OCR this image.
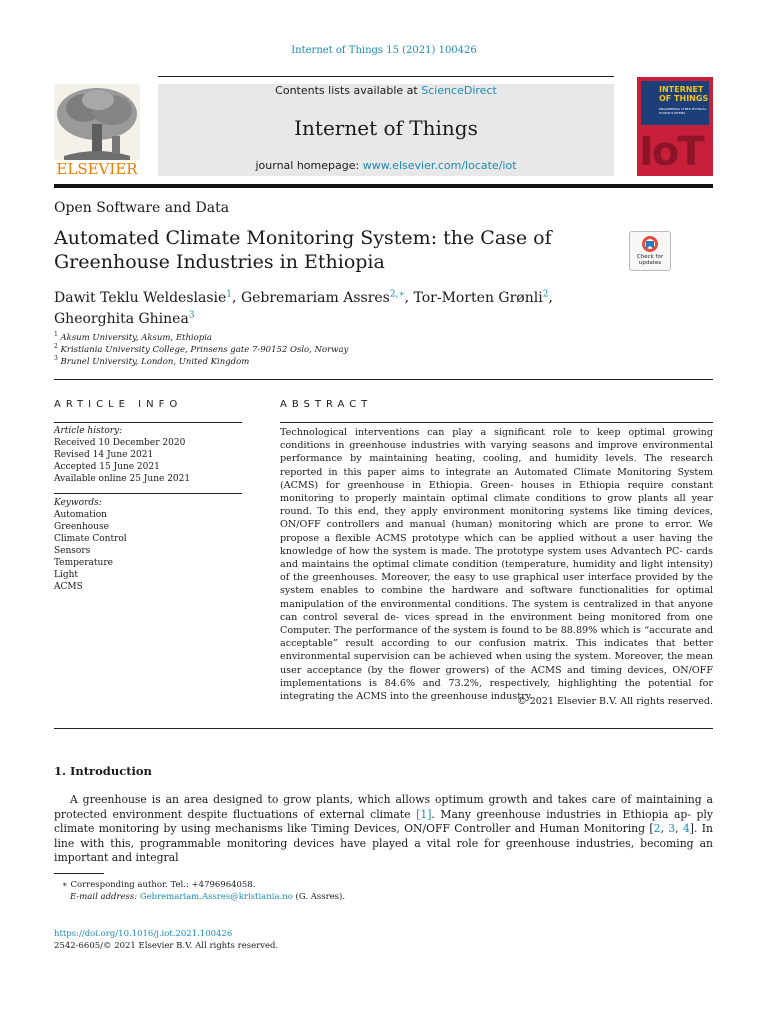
Internet of Things 15 (2021) 100426
ELSEVIER
Contents lists available at ScienceDirect
Internet of Things
journal homepage: www.elsevier.com/locate/iot
INTERNET OF THINGS
ENGINEERING CYBER PHYSICAL HUMAN SYSTEMS
IoT
Open Software and Data
Automated Climate Monitoring System: the Case of Greenhouse Industries in Ethiopia	Check for updates
Dawit Teklu Weldeslasie$^1$, Gebremariam Assres$^{2,∗}$, Tor-Morten Grønli$^2$,
Gheorghita Ghinea$^3$
$^1$ Aksum University, Aksum, Ethiopia
$^2$ Kristiania University College, Prinsens gate 7-90152 Oslo, Norway
$^3$ Brunel University, London, United Kingdom
ARTICLE INFO
Article history:
Received 10 December 2020
Revised 14 June 2021
Accepted 15 June 2021
Available online 25 June 2021
Keywords:
Automation
Greenhouse
Climate Control
Sensors
Temperature
Light
ACMS
ABSTRACT
Technological interventions can play a significant role to keep optimal growing conditions in greenhouse industries with varying seasons and improve environmental performance by maintaining heating, cooling, and humidity levels. The research reported in this paper aims to integrate an Automated Climate Monitoring System (ACMS) for greenhouse in Ethiopia. Green- houses in Ethiopia require constant monitoring to properly maintain optimal climate conditions to grow plants all year round. To this end, they apply environment monitoring systems like timing devices, ON/OFF controllers and manual (human) monitoring which are prone to error. We propose a flexible ACMS prototype which can be applied without a user having the knowledge of how the system is made. The prototype system uses Advantech PC- cards and maintains the optimal climate condition (temperature, humidity and light intensity) of the greenhouses. Moreover, the easy to use graphical user interface provided by the system enables to combine the hardware and software functionalities for optimal manipulation of the environmental conditions. The system is centralized in that anyone can control several de- vices spread in the environment being monitored from one Computer. The performance of the system is found to be 88.89% which is “accurate and acceptable” result according to our confusion matrix. This indicates that better environmental supervision can be achieved when using the system. Moreover, the mean user acceptance (by the flower growers) of the ACMS and timing devices, ON/OFF implementations is 84.6% and 73.2%, respectively, highlighting the potential for integrating the ACMS into the greenhouse industry.
© 2021 Elsevier B.V. All rights reserved.
1. Introduction
A greenhouse is an area designed to grow plants, which allows optimum growth and takes care of maintaining a protected environment despite fluctuations of external climate [1]. Many greenhouse industries in Ethiopia ap- ply climate monitoring by using mechanisms like Timing Devices, ON/OFF Controller and Human Monitoring [2, 3, 4]. In line with this, programmable monitoring devices have played a vital role for greenhouse industries, becoming an important and integral
∗ Corresponding author. Tel.: +4796964058.
E-mail address: Gebremariam.Assres@kristiania.no (G. Assres).
https://doi.org/10.1016/j.iot.2021.100426
2542-6605/© 2021 Elsevier B.V. All rights reserved.
